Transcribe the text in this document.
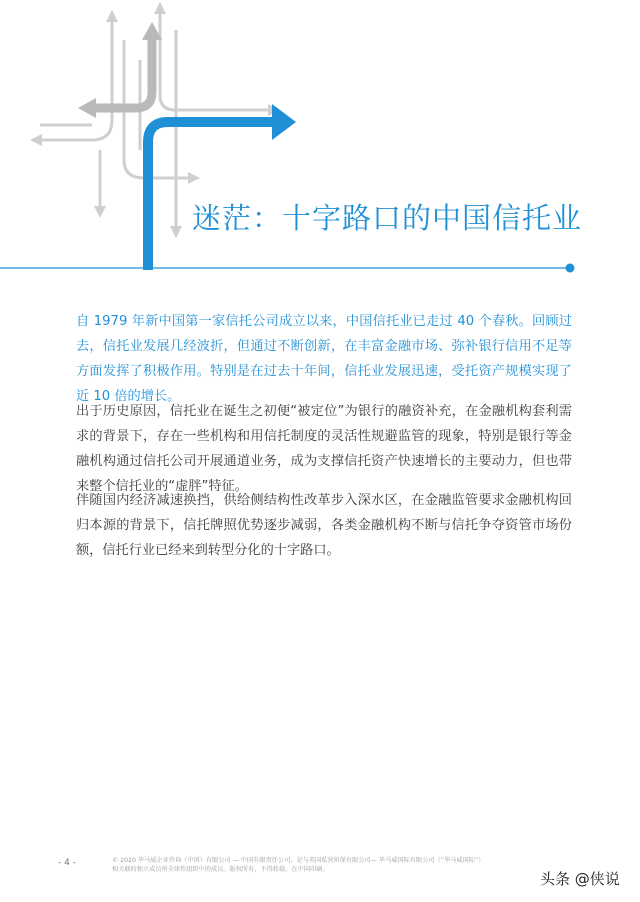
迷茫：十字路口的中国信托业

自 1979 年新中国第一家信托公司成立以来，中国信托业已走过 40 个春秋。回顾过去，信托业发展几经波折，但通过不断创新，在丰富金融市场、弥补银行信用不足等方面发挥了积极作用。特别是在过去十年间，信托业发展迅速，受托资产规模实现了近 10 倍的增长。

出于历史原因，信托业在诞生之初便“被定位”为银行的融资补充，在金融机构套利需求的背景下，存在一些机构和用信托制度的灵活性规避监管的现象，特别是银行等金融机构通过信托公司开展通道业务，成为支撑信托资产快速增长的主要动力，但也带来整个信托业的“虚胖”特征。

伴随国内经济减速换挡，供给侧结构性改革步入深水区，在金融监管要求金融机构回归本源的背景下，信托牌照优势逐步减弱，各类金融机构不断与信托争夺资管市场份额，信托行业已经来到转型分化的十字路口。

- 4 -	© 2020 毕马威企业咨询（中国）有限公司 — 中国有限责任公司，是与英国私营担保有限公司— 毕马威国际有限公司（“毕马威国际”）
相关联的独立成员所全球性组织中的成员。版权所有，不得转载。在中国印刷。
头条 @侠说
